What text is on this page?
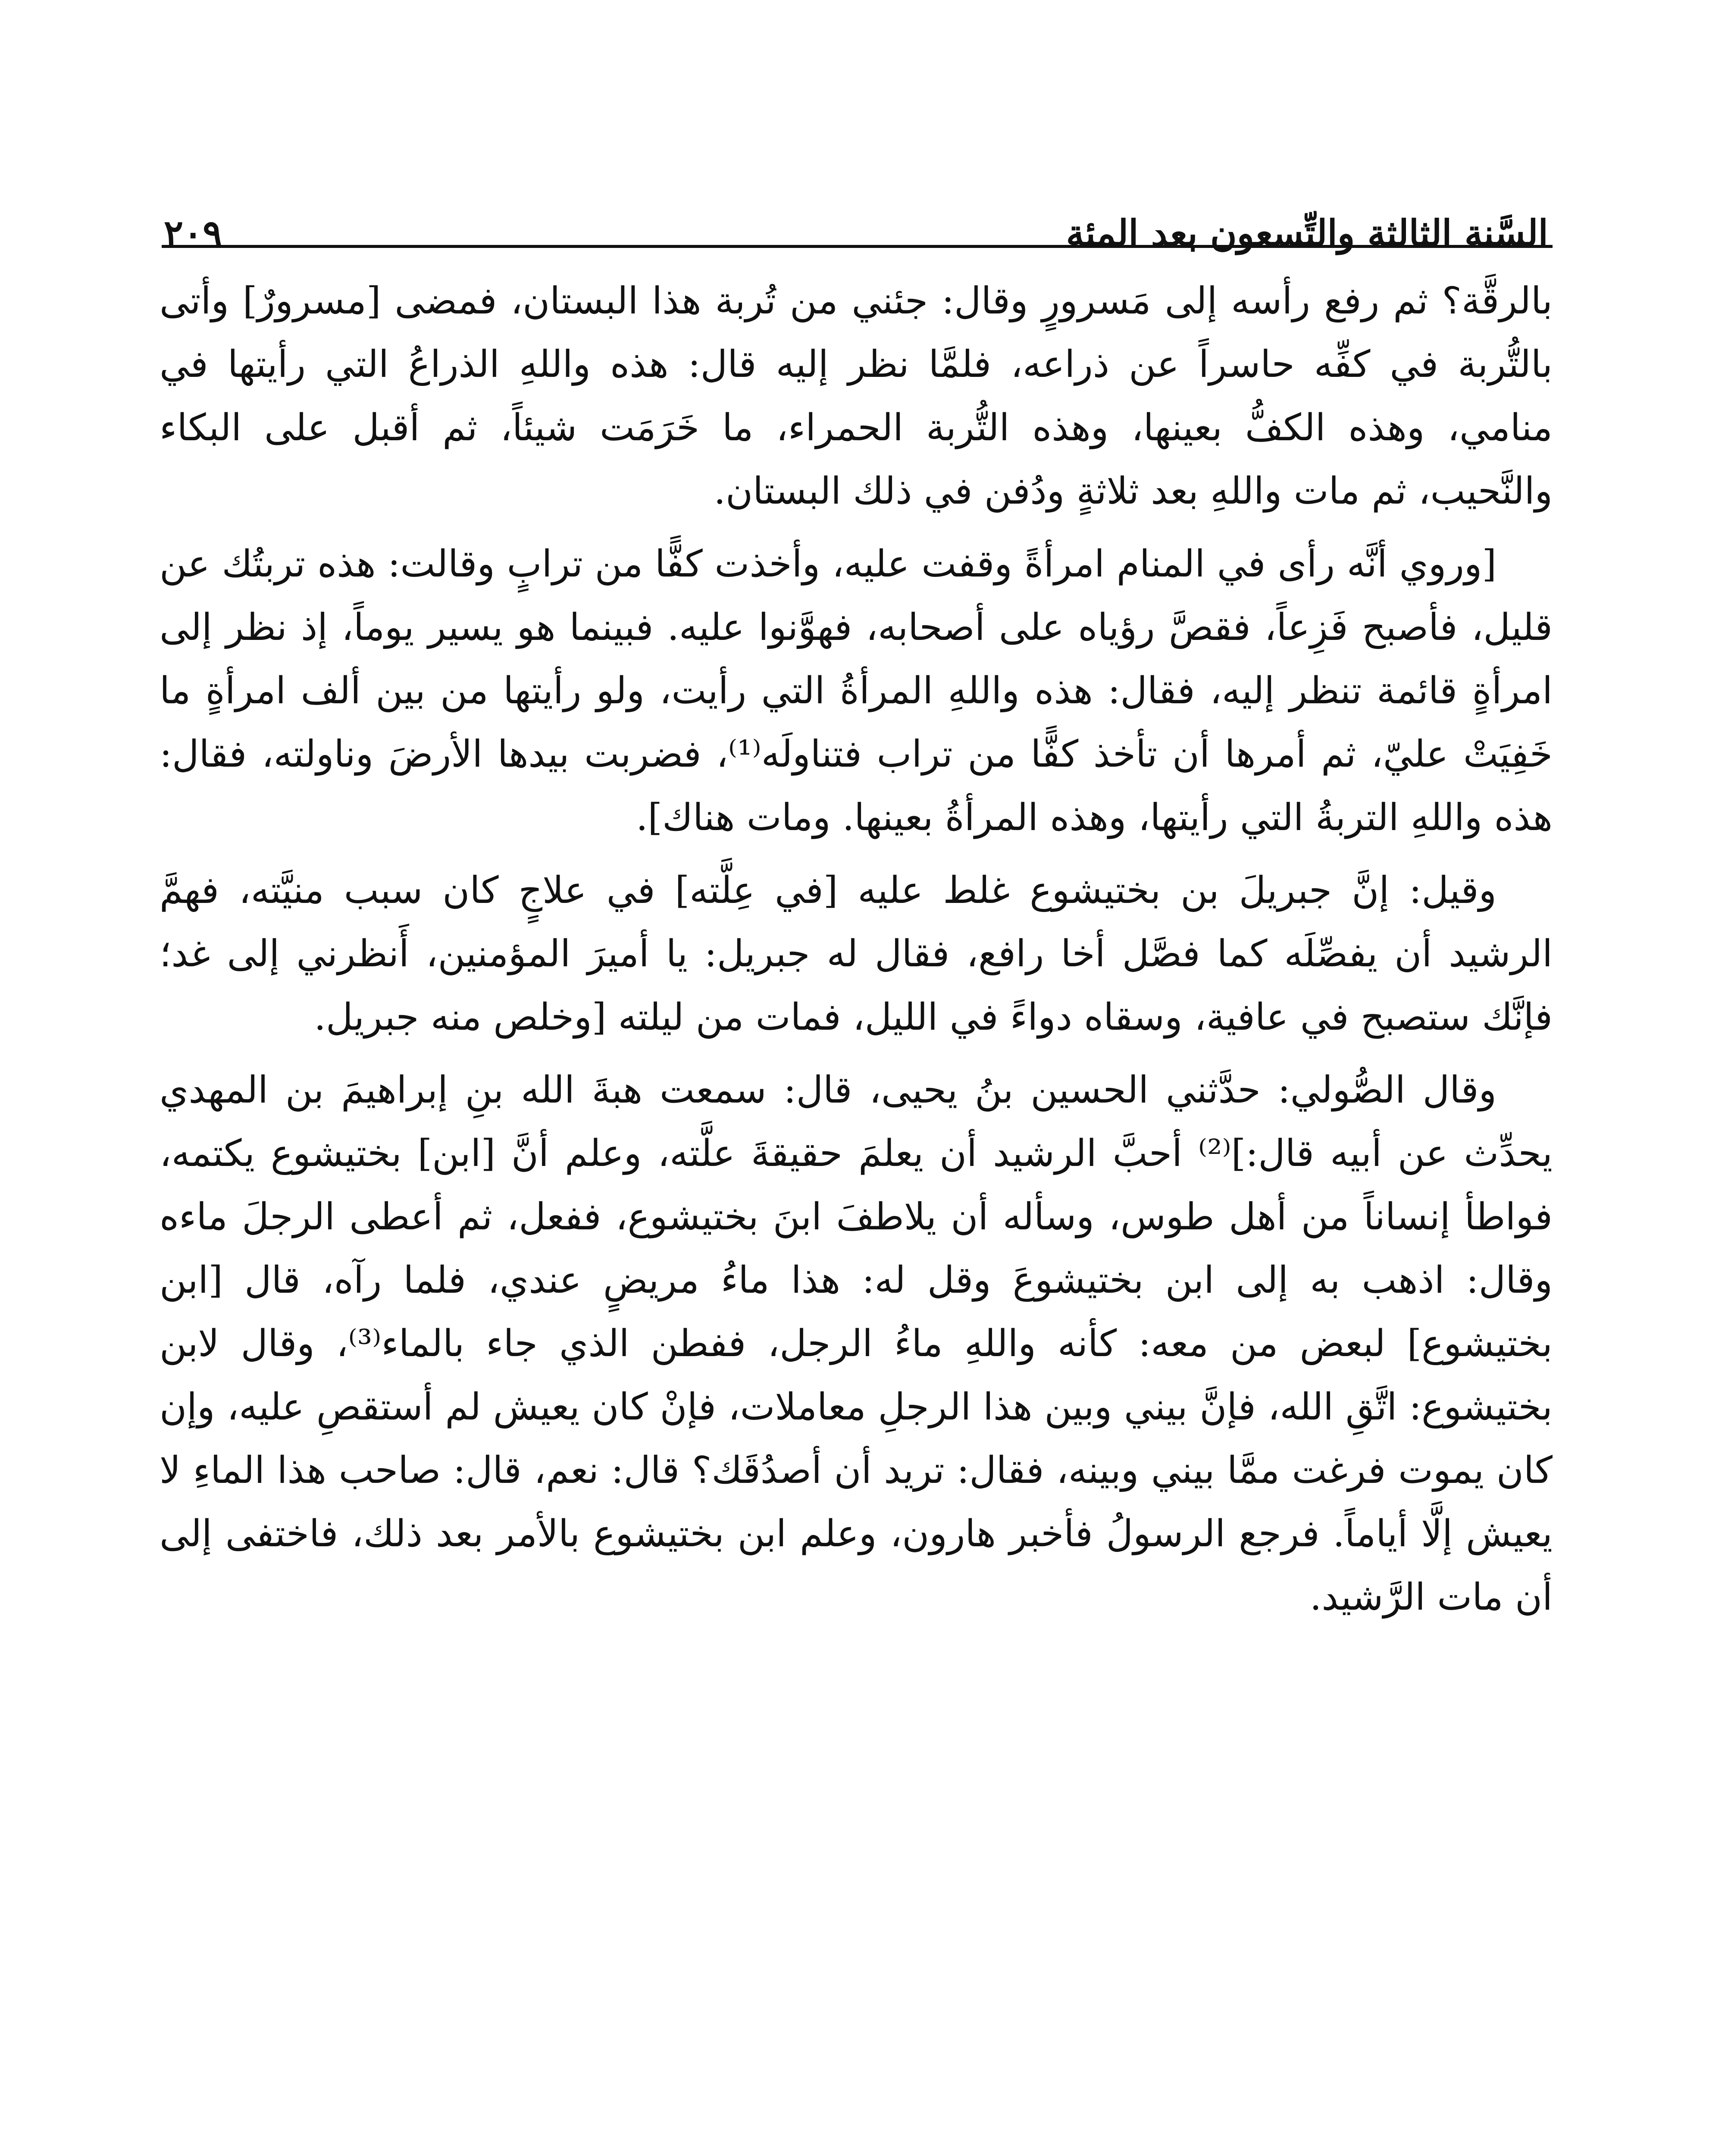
السَّنة الثالثة والتِّسعون بعد المئة
٢٠٩

بالرقَّة؟ ثم رفع رأسه إلى مَسرورٍ وقال: جئني من تُربة هذا البستان، فمضى [مسرورٌ] وأتى بالتُّربة في كفِّه حاسراً عن ذراعه، فلمَّا نظر إليه قال: هذه واللهِ الذراعُ التي رأيتها في منامي، وهذه الكفُّ بعينها، وهذه التُّربة الحمراء، ما خَرَمَت شيئاً، ثم أقبل على البكاء والنَّحيب، ثم مات واللهِ بعد ثلاثةٍ ودُفن في ذلك البستان.

[وروي أنَّه رأى في المنام امرأةً وقفت عليه، وأخذت كفًّا من ترابٍ وقالت: هذه تربتُك عن قليل، فأصبح فَزِعاً، فقصَّ رؤياه على أصحابه، فهوَّنوا عليه. فبينما هو يسير يوماً، إذ نظر إلى امرأةٍ قائمة تنظر إليه، فقال: هذه واللهِ المرأةُ التي رأيت، ولو رأيتها من بين ألف امرأةٍ ما خَفِيَتْ عليّ، ثم أمرها أن تأخذ كفًّا من تراب فتناولَه⁽¹⁾، فضربت بيدها الأرضَ وناولته، فقال: هذه واللهِ التربةُ التي رأيتها، وهذه المرأةُ بعينها. ومات هناك].

وقيل: إنَّ جبريلَ بن بختيشوع غلط عليه [في عِلَّته] في علاجٍ كان سبب منيَّته، فهمَّ الرشيد أن يفصِّلَه كما فصَّل أخا رافع، فقال له جبريل: يا أميرَ المؤمنين، أَنظرني إلى غد؛ فإنَّك ستصبح في عافية، وسقاه دواءً في الليل، فمات من ليلته [وخلص منه جبريل.

وقال الصُّولي: حدَّثني الحسين بنُ يحيى، قال: سمعت هبةَ الله بنِ إبراهيمَ بن المهدي يحدِّث عن أبيه قال:]⁽²⁾ أحبَّ الرشيد أن يعلمَ حقيقةَ علَّته، وعلم أنَّ [ابن] بختيشوع يكتمه، فواطأ إنساناً من أهل طوس، وسأله أن يلاطفَ ابنَ بختيشوع، ففعل، ثم أعطى الرجلَ ماءه وقال: اذهب به إلى ابن بختيشوعَ وقل له: هذا ماءُ مريضٍ عندي، فلما رآه، قال [ابن بختيشوع] لبعض من معه: كأنه واللهِ ماءُ الرجل، ففطن الذي جاء بالماء⁽³⁾، وقال لابن بختيشوع: اتَّقِ الله، فإنَّ بيني وبين هذا الرجلِ معاملات، فإنْ كان يعيش لم أستقصِ عليه، وإن كان يموت فرغت ممَّا بيني وبينه، فقال: تريد أن أصدُقَك؟ قال: نعم، قال: صاحب هذا الماءِ لا يعيش إلَّا أياماً. فرجع الرسولُ فأخبر هارون، وعلم ابن بختيشوع بالأمر بعد ذلك، فاختفى إلى أن مات الرَّشيد.
